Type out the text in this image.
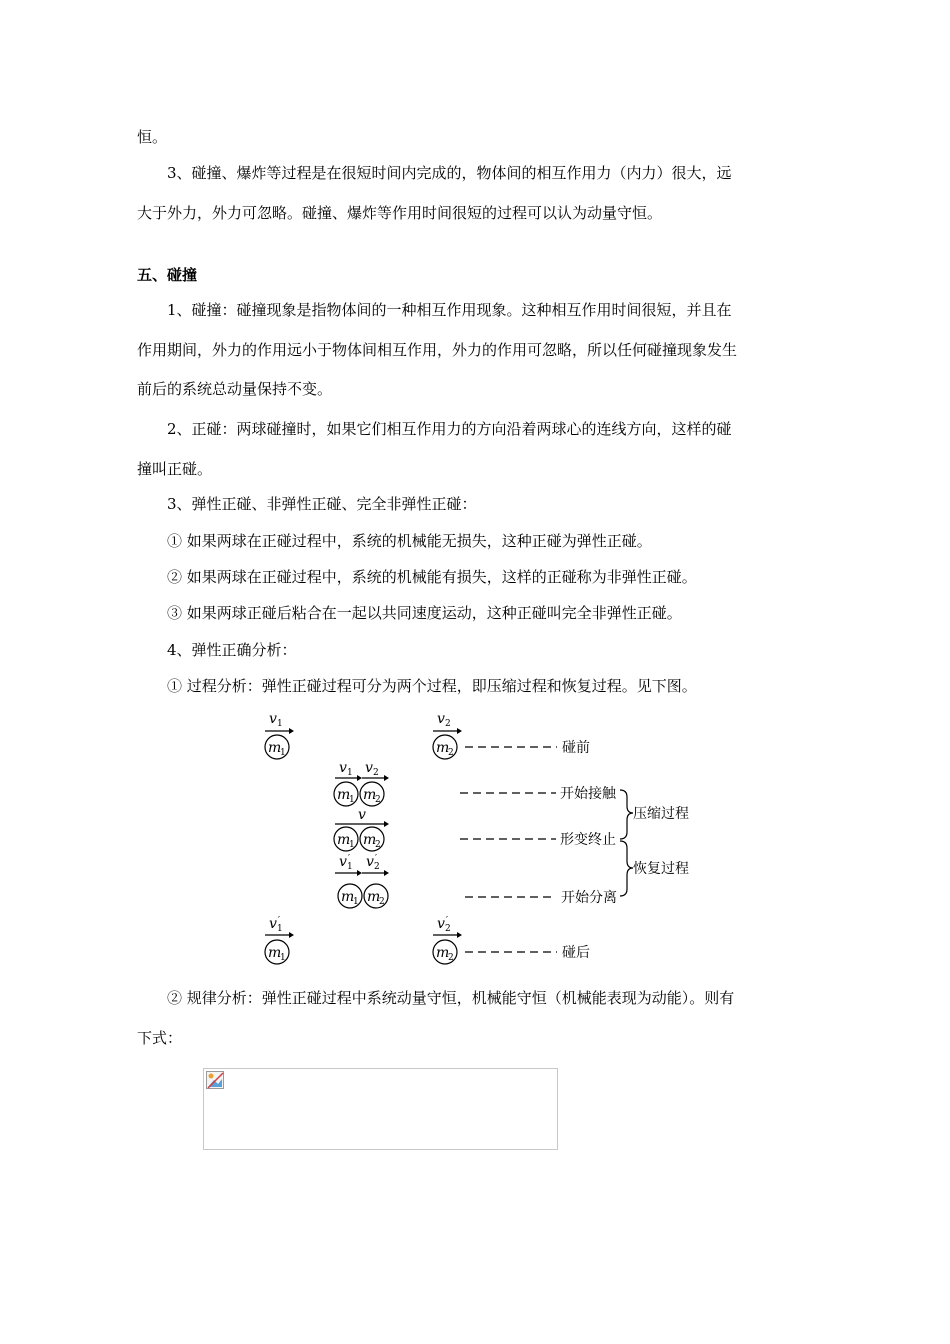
恒。
3、碰撞、爆炸等过程是在很短时间内完成的，物体间的相互作用力（内力）很大，远
大于外力，外力可忽略。碰撞、爆炸等作用时间很短的过程可以认为动量守恒。
五、碰撞
1、碰撞：碰撞现象是指物体间的一种相互作用现象。这种相互作用时间很短，并且在
作用期间，外力的作用远小于物体间相互作用，外力的作用可忽略，所以任何碰撞现象发生
前后的系统总动量保持不变。
2、正碰：两球碰撞时，如果它们相互作用力的方向沿着两球心的连线方向，这样的碰
撞叫正碰。
3、弹性正碰、非弹性正碰、完全非弹性正碰：
① 如果两球在正碰过程中，系统的机械能无损失，这种正碰为弹性正碰。
② 如果两球在正碰过程中，系统的机械能有损失，这样的正碰称为非弹性正碰。
③ 如果两球正碰后粘合在一起以共同速度运动，这种正碰叫完全非弹性正碰。
4、弹性正确分析：
① 过程分析：弹性正碰过程可分为两个过程，即压缩过程和恢复过程。见下图。
v 1
m
1
v 2
m
2	碰前
v 1 v 2
m
1 m
2	开始接触
v
m
1 m
2	形变终止
v 1
′ v 2
′
m
1 m
2	开始分离
v 1
′
m
1
v 2
′
m
2	碰后
压缩过程
恢复过程
② 规律分析：弹性正碰过程中系统动量守恒，机械能守恒（机械能表现为动能）。则有
下式：
